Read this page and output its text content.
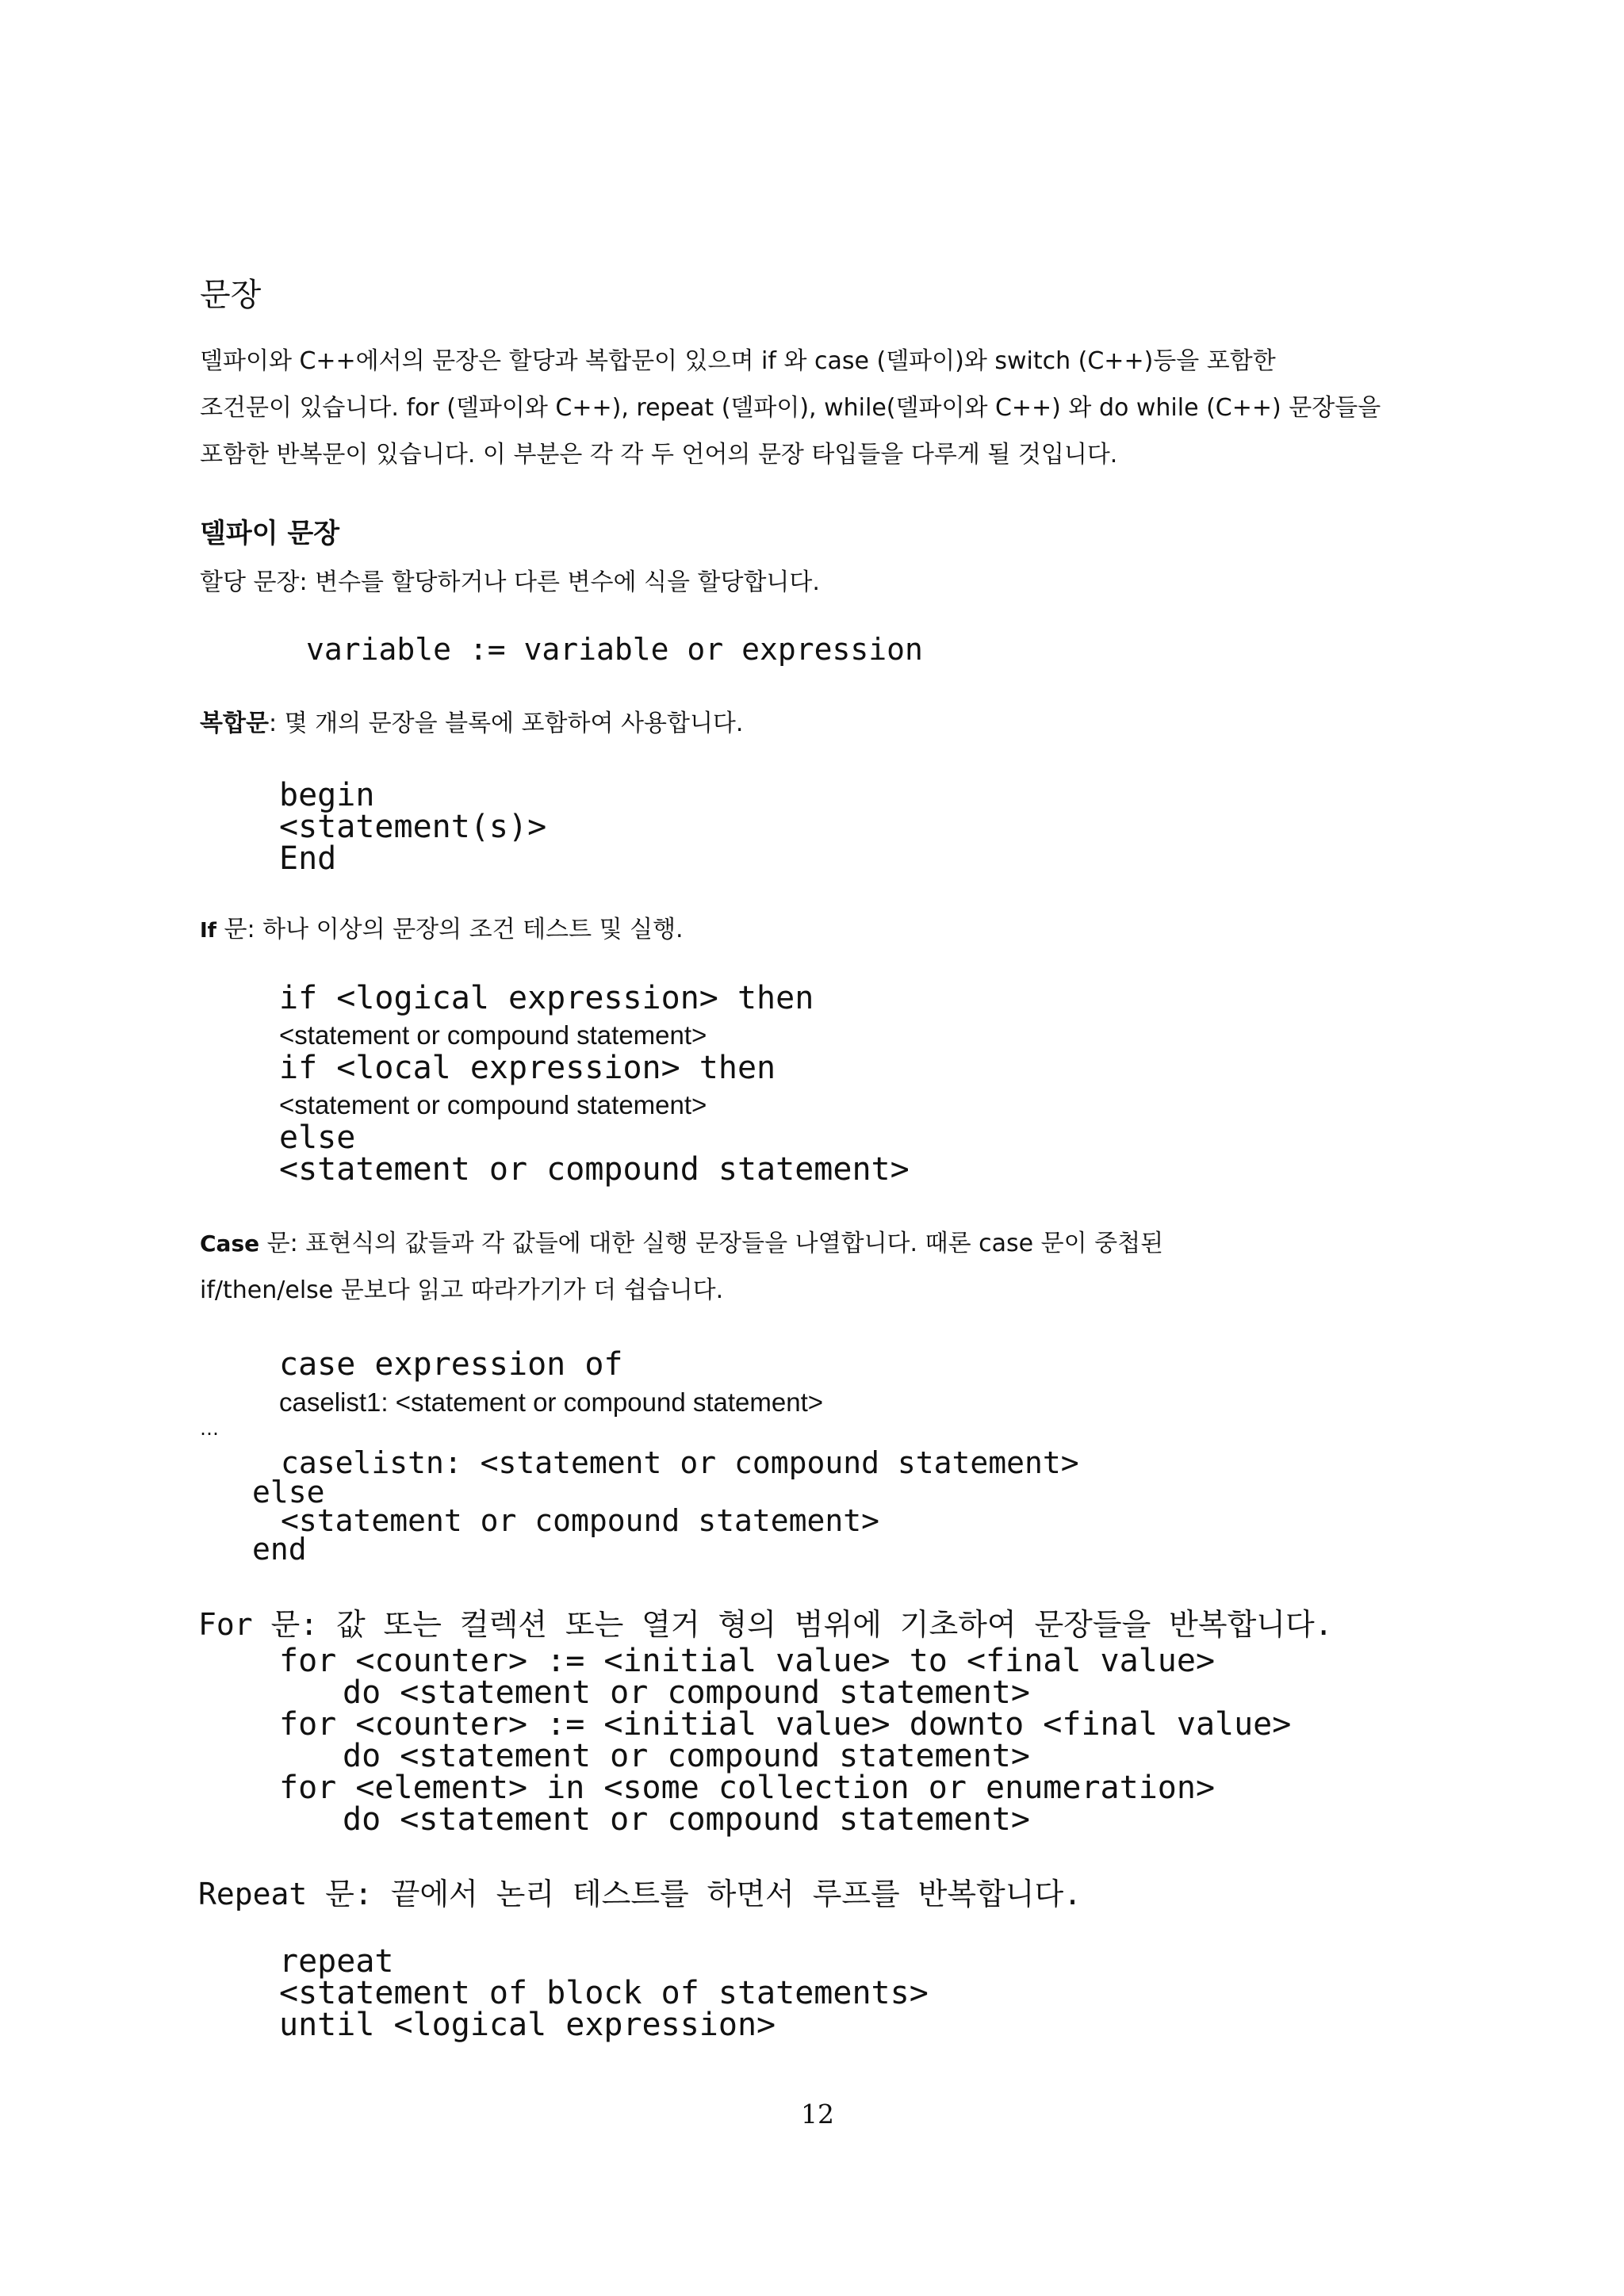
문장
델파이와 C++에서의 문장은 할당과 복합문이 있으며 if 와 case (델파이)와 switch (C++)등을 포함한
조건문이 있습니다. for (델파이와 C++), repeat (델파이), while(델파이와 C++) 와 do while (C++) 문장들을
포함한 반복문이 있습니다. 이 부분은 각 각 두 언어의 문장 타입들을 다루게 될 것입니다.
델파이 문장
할당 문장: 변수를 할당하거나 다른 변수에 식을 할당합니다.
variable := variable or expression
복합문: 몇 개의 문장을 블록에 포함하여 사용합니다.
begin
<statement(s)>
End
If 문: 하나 이상의 문장의 조건 테스트 및 실행.
if <logical expression> then
<statement or compound statement>
if <local expression> then
<statement or compound statement>
else
<statement or compound statement>
Case 문: 표현식의 값들과 각 값들에 대한 실행 문장들을 나열합니다. 때론 case 문이 중첩된
if/then/else 문보다 읽고 따라가기가 더 쉽습니다.
case expression of
caselist1: <statement or compound statement>
…
caselistn: <statement or compound statement>
else
<statement or compound statement>
end
For 문: 값 또는 컬렉션 또는 열거 형의 범위에 기초하여 문장들을 반복합니다.
for <counter> := <initial value> to <final value>
do <statement or compound statement>
for <counter> := <initial value> downto <final value>
do <statement or compound statement>
for <element> in <some collection or enumeration>
do <statement or compound statement>
Repeat 문: 끝에서 논리 테스트를 하면서 루프를 반복합니다.
repeat
<statement of block of statements>
until <logical expression>
12
